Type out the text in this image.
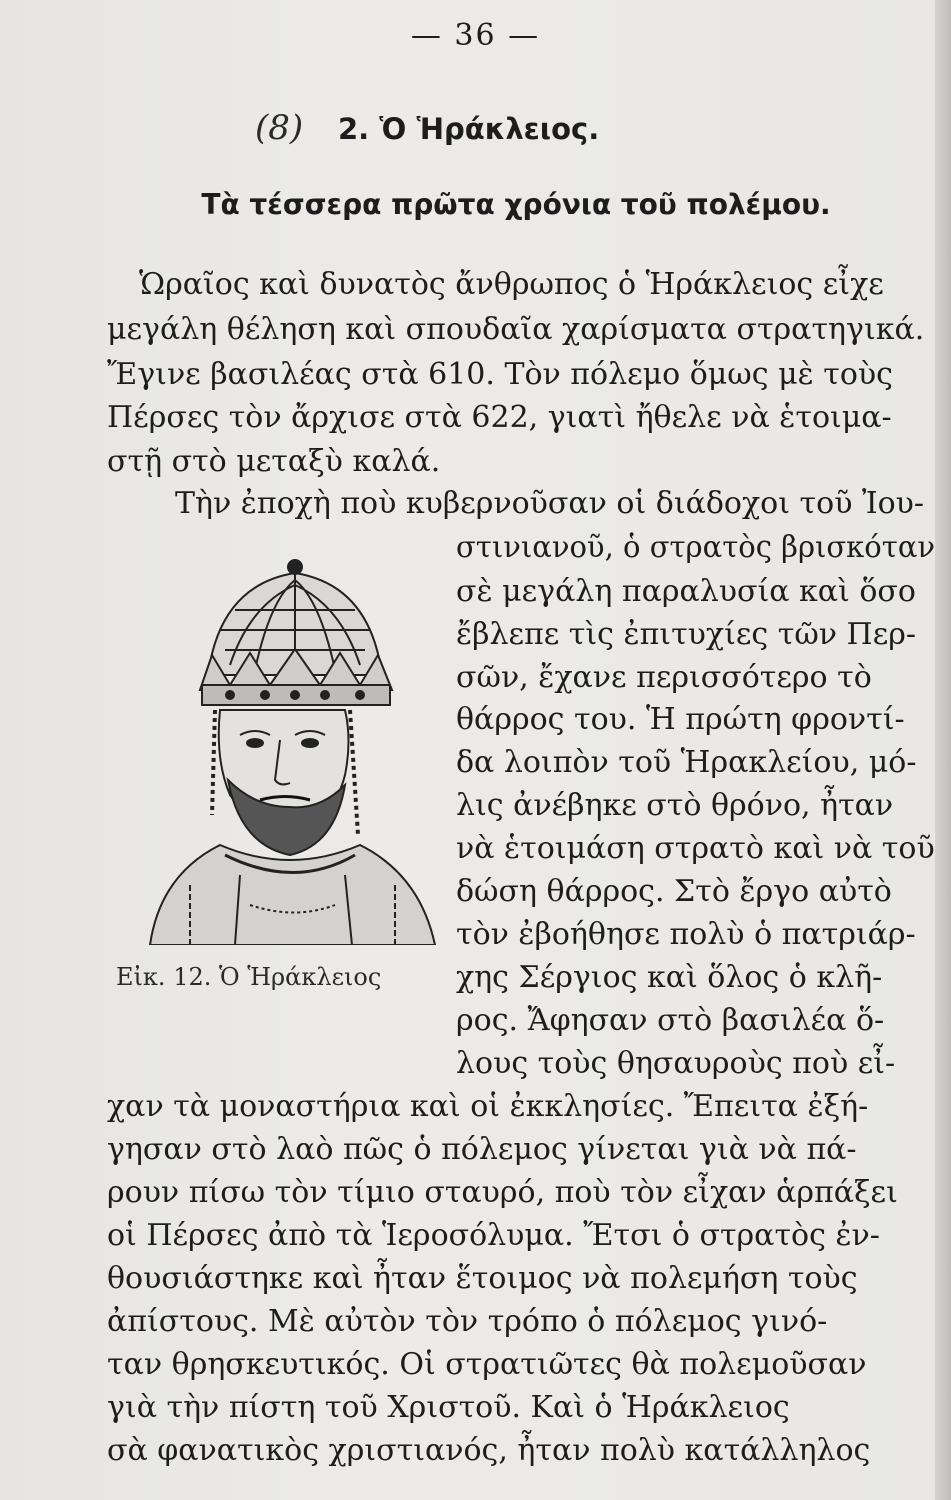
— 36 —
(8) 2. Ὁ Ἡράκλειος.
Τὰ τέσσερα πρῶτα χρόνια τοῦ πολέμου.
Ὡραῖος καὶ δυνατὸς ἄνθρωπος ὁ Ἡράκλειος εἶχε
μεγάλη θέληση καὶ σπουδαῖα χαρίσματα στρατηγικά.
Ἔγινε βασιλέας στὰ 610. Τὸν πόλεμο ὅμως μὲ τοὺς
Πέρσες τὸν ἄρχισε στὰ 622, γιατὶ ἤθελε νὰ ἑτοιμα-
στῇ στὸ μεταξὺ καλά.
Τὴν ἐποχὴ ποὺ κυβερνοῦσαν οἱ διάδοχοι τοῦ Ἰου-
στινιανοῦ, ὁ στρατὸς βρισκόταν
σὲ μεγάλη παραλυσία καὶ ὅσο
ἔβλεπε τὶς ἐπιτυχίες τῶν Περ-
σῶν, ἔχανε περισσότερο τὸ
θάρρος του. Ἡ πρώτη φροντί-
δα λοιπὸν τοῦ Ἡρακλείου, μό-
λις ἀνέβηκε στὸ θρόνο, ἦταν
νὰ ἑτοιμάση στρατὸ καὶ νὰ τοῦ
δώση θάρρος. Στὸ ἔργο αὐτὸ
τὸν ἐβοήθησε πολὺ ὁ πατριάρ-
χης Σέργιος καὶ ὅλος ὁ κλῆ-
ρος. Ἄφησαν στὸ βασιλέα ὅ-
λους τοὺς θησαυροὺς ποὺ εἶ-
Εἰκ. 12. Ὁ Ἡράκλειος
χαν τὰ μοναστήρια καὶ οἱ ἐκκλησίες. Ἔπειτα ἐξή-
γησαν στὸ λαὸ πῶς ὁ πόλεμος γίνεται γιὰ νὰ πά-
ρουν πίσω τὸν τίμιο σταυρό, ποὺ τὸν εἶχαν ἁρπάξει
οἱ Πέρσες ἀπὸ τὰ Ἱεροσόλυμα. Ἔτσι ὁ στρατὸς ἐν-
θουσιάστηκε καὶ ἦταν ἕτοιμος νὰ πολεμήση τοὺς
ἀπίστους. Μὲ αὐτὸν τὸν τρόπο ὁ πόλεμος γινό-
ταν θρησκευτικός. Οἱ στρατιῶτες θὰ πολεμοῦσαν
γιὰ τὴν πίστη τοῦ Χριστοῦ. Καὶ ὁ Ἡράκλειος
σὰ φανατικὸς χριστιανός, ἦταν πολὺ κατάλληλος
